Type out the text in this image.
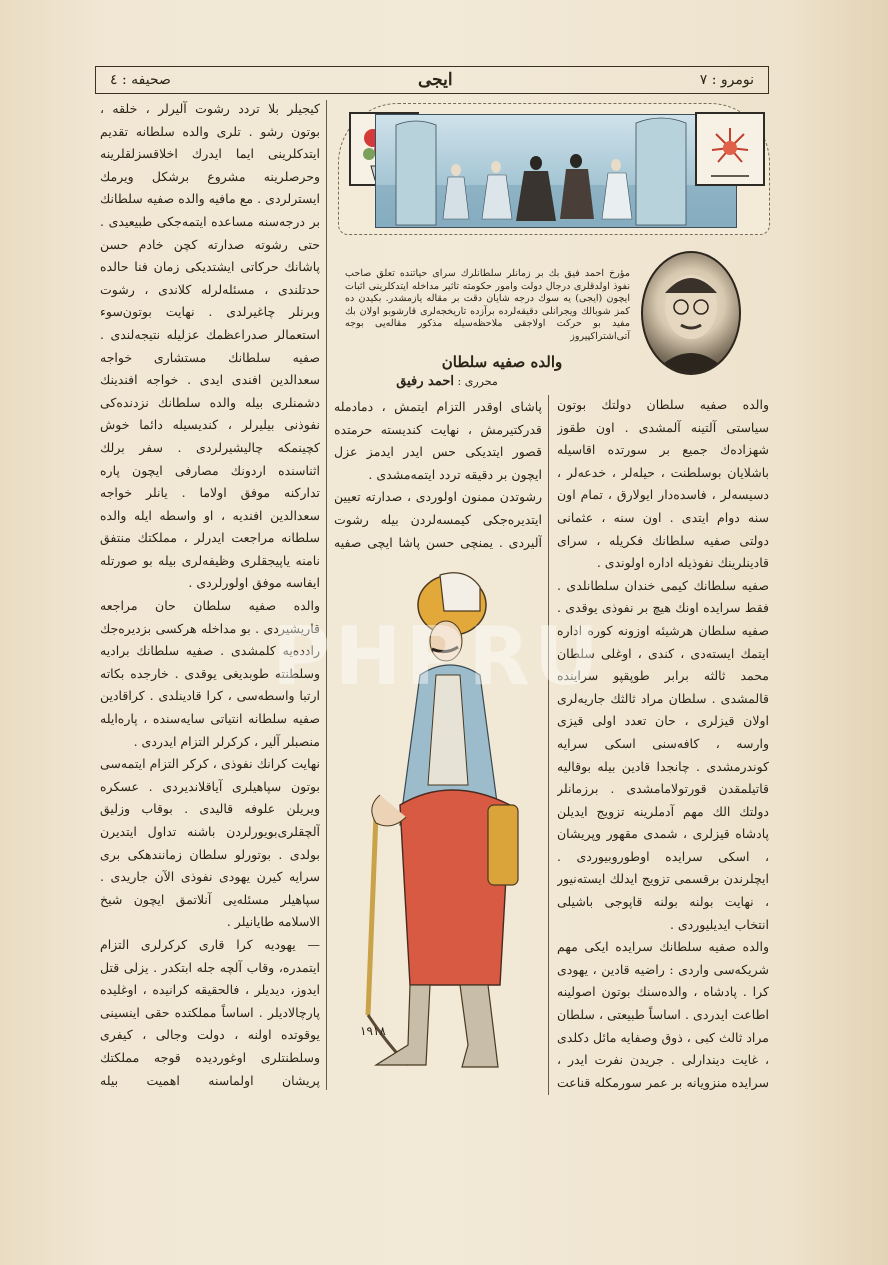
صحیفه : ٤	ایجی	نومرو : ۷

کیجیلر بلا تردد رشوت آلیرلر ، خلقه ، بوتون رشو . تلری والده سلطانه تقدیم ایتدکلرینی ایما ایدرك اخلاقسزلقلرینه وحرصلرینه مشروع برشکل ویرمك ایسترلردی . مع مافیه والده صفیه سلطانك بر درجه‌سنه مساعده ایتمه‌جکی طبیعیدی . حتی رشوته صدارته کچن خادم حسن پاشانك حرکاتی ایشتدیکی زمان فنا حالده حدتلندی ، مسئله‌لرله‌ کلاندی ، رشوت وبرنلر چاغیرلدی . نهایت بوتون‌سوء استعمالر صدراعظمك عزلیله نتیجه‌لندی . صفیه سلطانك مستشاری خواجه سعدالدین افندی ایدی . خواجه افندینك دشمنلری بیله والده سلطانك نزدنده‌کی نفوذنی بیلیرلر ، کندیسیله دائما خوش کچینمکه چالیشیرلردی . سفر برلك اثناسنده اردونك مصارفی ایچون پاره تدارکنه موفق اولاما . یانلر خواجه سعدالدین افندیه ، او واسطه ایله والده سلطانه مراجعت ایدرلر ، مملکتك منتفق نامنه یاپیجقلری وظیفه‌لری بیله بو صورتله ایفاسه موفق اولورلردی .

والده صفیه سلطان حان مراجعه قاریشیردی . بو مداخله هرکسی بزدیره‌جك رادده‌یه کلمشدی . صفیه سلطانك برادیه وسلطنته طوبدیغی یوقدی . خارجده بكاته ارتبا واسطه‌سی ، کرا قادینلدی . کراقادین صفیه سلطانه انتیاتی سایه‌سنده ، پاره‌ایله منصبلر آلیر ، کرکرلر التزام ایدردی .

نهایت کرانك نفوذی ، کرکر التزام ایتمه‌سی بوتون سپاهیلری آیاقلاندیردی . عسکره ویریلن علوفه قالیدی . بوقاب وزلیق آلچقلری‌بویورلردن باشنه تداول ایتدیرن بولدی . بوتورلو سلطان زمانندهکی بری سرایه کیرن یهودی نفوذی الآن جاریدی . سپاهیلر مسئله‌یی آنلاتمق ایچون شیخ الاسلامه طایانیلر .

— یهودیه کرا قاری کرکرلری التزام ایتمدره، وقاب آلچه جله ابتکدر . یزلی قتل ایدوز، دیدیلر ، فالحقیقه کرانیده ، اوغلیده پارچالادیلر . اساساً مملکتده حقی اینسینی یوقوتده اولنه ، دولت وجالی ، کیفری وسلطنتلری اوغوردیده قوجه مملکتك پریشان اولماسنه اهمیت بیله

مؤرخ احمد فیق بك بر زمانلر سلطانلرك سرای حیاتنده تعلق صاحب نفوذ اولدقلری درجال دولت وامور حکومته تاثیر مداخله ایتدکلرینی اثبات ایچون (ایجی) یه سوك درجه شایان دقت بر مقاله یازمشدر. بکیدن ده کمز شوبالك ویجرانلی دقیقه‌لرده برآزده تاریخجه‌لری قارشوبو اولان بك مفید بو حرکت اولاجقی ملاحظه‌سیله مذکور مقاله‌یی بوجه آتی‌اشتراکپیروز
والده صفیه سلطان
محرری : احمد رفیق

والده صفیه سلطان دولتك بوتون سیاستی آلتینه آلمشدی . اون طقوز شهزاده‌ك جمیع بر سورتده اقاسیله باشلایان بوسلطنت ، حیله‌لر ، خدعه‌لر ، دسیسه‌لر ، فاسده‌دار ایولارق ، تمام اون سنه دوام ایتدی . اون سنه ، عثمانی دولتی صفیه سلطانك فکریله ، سرای قادینلرینك نفوذیله اداره اولوندی .

صفیه سلطانك کیمی خندان سلطانلدی . فقط سرایده اونك هیچ بر نفوذی یوقدی . صفیه سلطان هرشیئه اوزونه کوره اداره ایتمك ایسته‌دی ، کندی ، اوغلی سلطان محمد ثالثه برابر طوپقپو سراینده قالمشدی . سلطان مراد ثالثك جاریه‌لری اولان قیزلری ، حان تعدد اولی قیزی وارسه ، کافه‌سنی اسکی سرایه کوندرمشدی . چانجدا قادین بیله بوقالیه قاتیلمقدن قورتولامامشدی . برزمانلر دولتك الك مهم آدملرینه تزویج ایدیلن پادشاه قیزلری ، شمدی مقهور وپریشان ، اسکی سرایده اوطوروبیوردی . ایچلرندن برقسمی تزویج ایدلك ایسته‌نیور ، نهایت بولنه بولنه قاپوجی باشیلی انتخاب ایدیلیوردی .

والده صفیه سلطانك سرایده ایکی مهم شریکه‌سی واردی : راضیه قادین ، یهودی کرا . پادشاه ، والده‌سنك بوتون اصولینه اطاعت ایدردی . اساساً طبیعتی ، سلطان مراد ثالث کبی ، ذوق وصفایه مائل دکلدی ، غایت دیندارلی . جریدن نفرت ایدر ، سرایده منزویانه بر عمر سورمکله قناعت

پاشای اوقدر التزام ایتمش ، دمادمله قدرکتیرمش ، نهایت کندیسته حرمتده قصور ایتدیکی حس ایدر ایدمز عزل ایچون بر دقیقه تردد ایتمه‌مشدی .

رشوتدن ممنون اولوردی ، صدارته تعیین ایتدیره‌جکی کیمسه‌لردن بیله رشوت آلیردی . یمنچی حسن پاشا ایچی صفیه

۱۹۱٨
PHPRU
